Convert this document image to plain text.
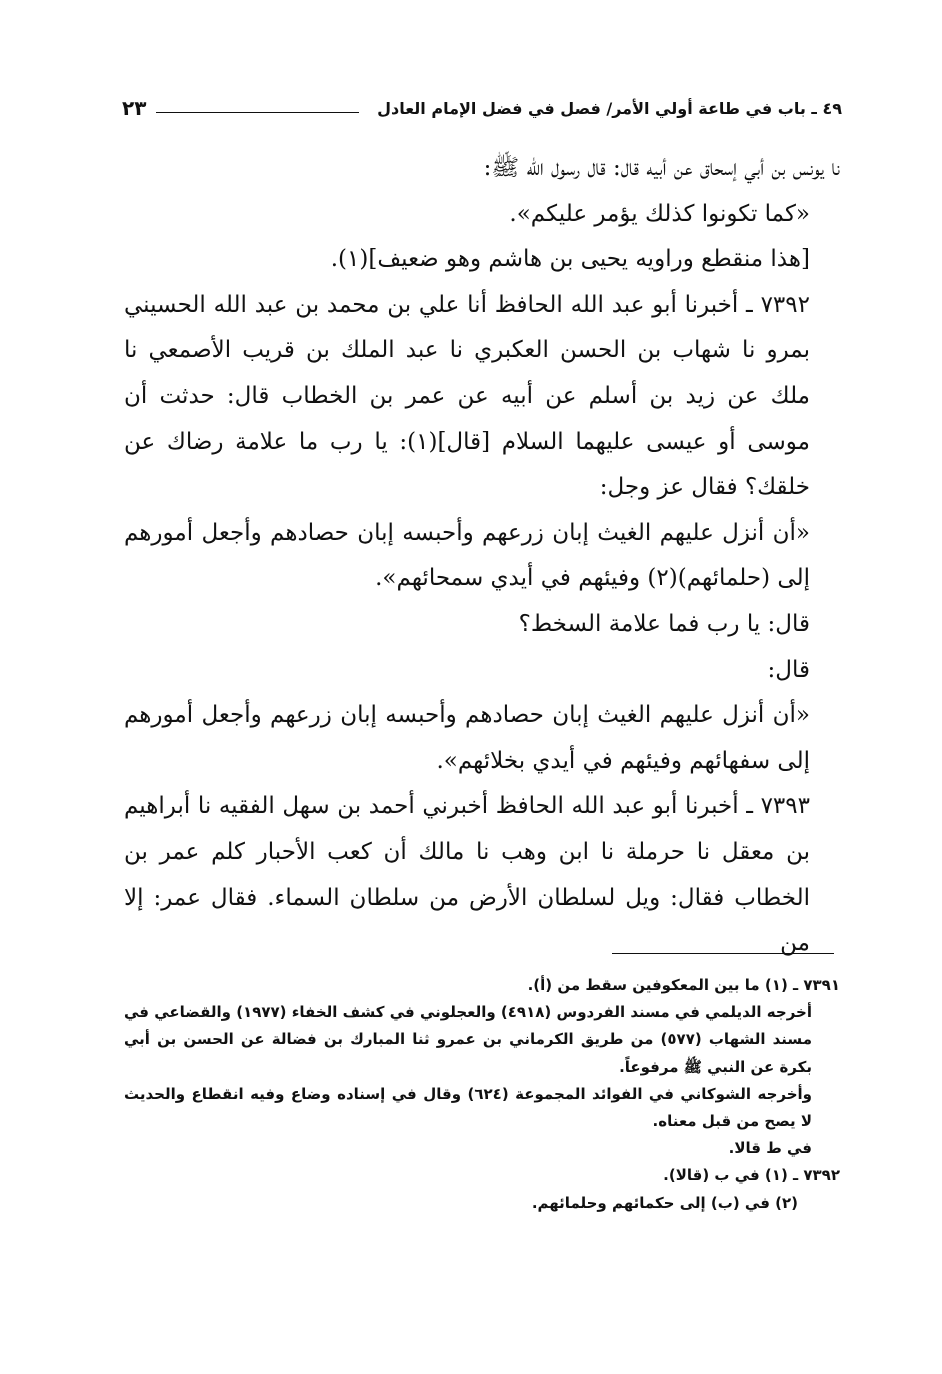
٤٩ ـ باب في طاعة أولي الأمر/ فصل في فضل الإمام العادل
٢٣

نا يونس بن أبي إسحاق عن أبيه قال: قال رسول الله ﷺ:

«كما تكونوا كذلك يؤمر عليكم».

[هذا منقطع وراويه يحيى بن هاشم وهو ضعيف](١).

٧٣٩٢ ـ أخبرنا أبو عبد الله الحافظ أنا علي بن محمد بن عبد الله الحسيني بمرو نا شهاب بن الحسن العكبري نا عبد الملك بن قريب الأصمعي نا ملك عن زيد بن أسلم عن أبيه عن عمر بن الخطاب قال: حدثت أن موسى أو عيسى عليهما السلام [قال](١): يا رب ما علامة رضاك عن خلقك؟ فقال عز وجل:

«أن أنزل عليهم الغيث إبان زرعهم وأحبسه إبان حصادهم وأجعل أمورهم إلى (حلمائهم)(٢) وفيئهم في أيدي سمحائهم».

قال: يا رب فما علامة السخط؟

قال:

«أن أنزل عليهم الغيث إبان حصادهم وأحبسه إبان زرعهم وأجعل أمورهم إلى سفهائهم وفيئهم في أيدي بخلائهم».

٧٣٩٣ ـ أخبرنا أبو عبد الله الحافظ أخبرني أحمد بن سهل الفقيه نا أبراهيم بن معقل نا حرملة نا ابن وهب نا مالك أن كعب الأحبار كلم عمر بن الخطاب فقال: ويل لسلطان الأرض من سلطان السماء. فقال عمر: إلا من

٧٣٩١ ـ (١) ما بين المعكوفين سقط من (أ).

أخرجه الديلمي في مسند الفردوس (٤٩١٨) والعجلوني في كشف الخفاء (١٩٧٧) والقضاعي في مسند الشهاب (٥٧٧) من طريق الكرماني بن عمرو ثنا المبارك بن فضالة عن الحسن بن أبي بكرة عن النبي ﷺ مرفوعاً.

وأخرجه الشوكاني في الفوائد المجموعة (٦٢٤) وقال في إسناده وضاع وفيه انقطاع والحديث لا يصح من قبل معناه.

في ط قالا.

٧٣٩٢ ـ (١) في ب (قالا).

(٢) في (ب) إلى حكمائهم وحلمائهم.
